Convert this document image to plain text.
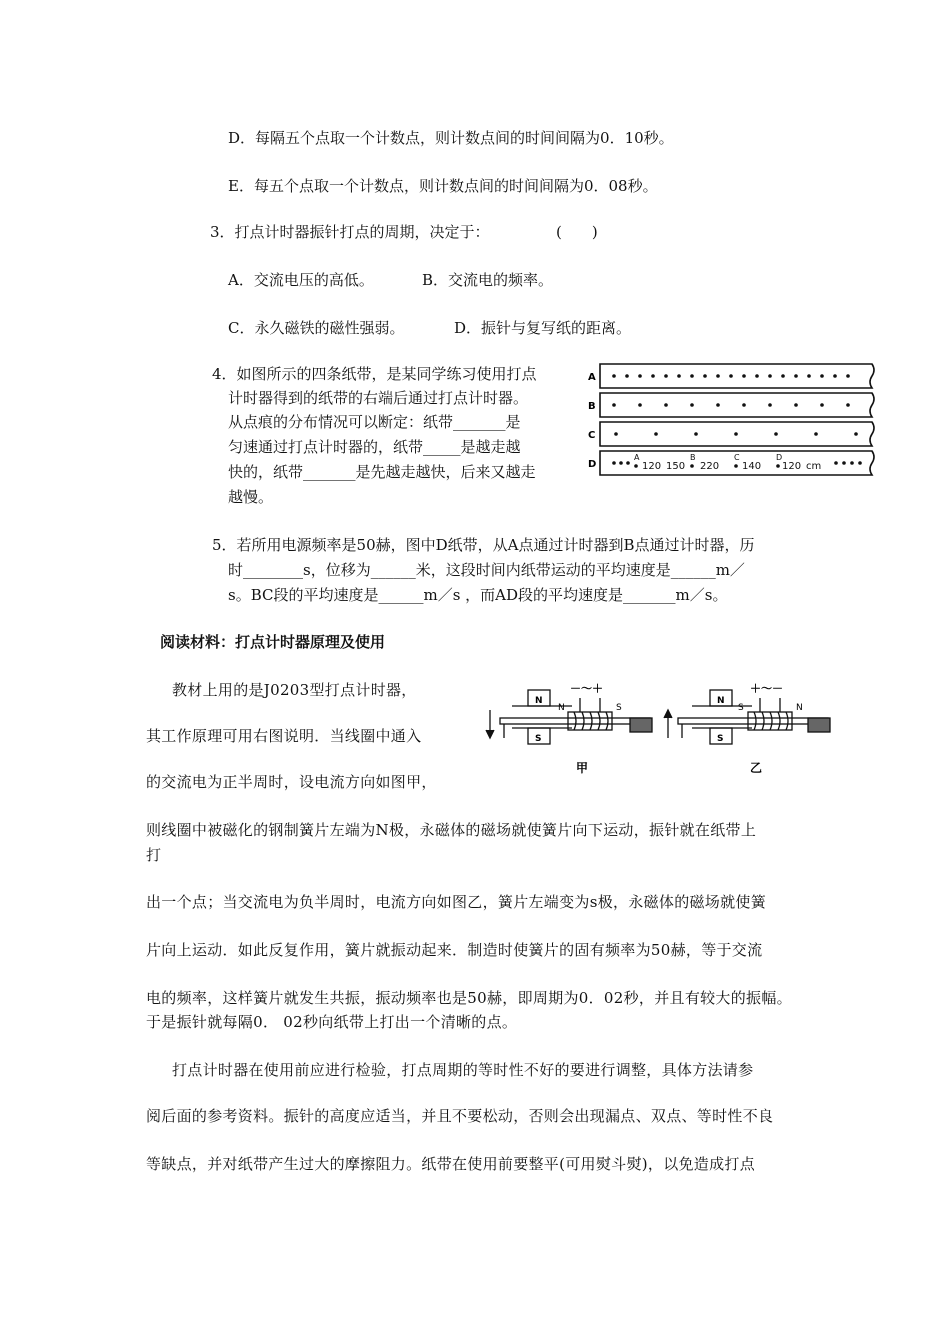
D．每隔五个点取一个计数点，则计数点间的时间间隔为0．10秒。
E．每五个点取一个计数点，则计数点间的时间间隔为0．08秒。
3．打点计时器振针打点的周期，决定于：	(　　)
A．交流电压的高低。	B．交流电的频率。
C．永久磁铁的磁性强弱。	D．振针与复写纸的距离。
4．如图所示的四条纸带，是某同学练习使用打点
计时器得到的纸带的右端后通过打点计时器。
从点痕的分布情况可以断定：纸带_______是
匀速通过打点计时器的，纸带_____是越走越
快的，纸带_______是先越走越快，后来又越走
越慢。
A
B
C
D
A	B	C	D
120 150 220 140 120 cm
5．若所用电源频率是50赫，图中D纸带，从A点通过计时器到B点通过计时器，历
时________s，位移为______米，这段时间内纸带运动的平均速度是______m／
s。BC段的平均速度是______m／s ，而AD段的平均速度是_______m／s。
阅读材料：打点计时器原理及使用
教材上用的是J0203型打点计时器，
其工作原理可用右图说明．当线圈中通入
的交流电为正半周时，设电流方向如图甲，
则线圈中被磁化的钢制簧片左端为N极，永磁体的磁场就使簧片向下运动，振针就在纸带上
打
出一个点；当交流电为负半周时，电流方向如图乙，簧片左端变为s极，永磁体的磁场就使簧
片向上运动．如此反复作用，簧片就振动起来．制造时使簧片的固有频率为50赫，等于交流
电的频率，这样簧片就发生共振，振动频率也是50赫，即周期为0．02秒，并且有较大的振幅。
于是振针就每隔0． 02秒向纸带上打出一个清晰的点。
打点计时器在使用前应进行检验，打点周期的等时性不好的要进行调整，具体方法请参
阅后面的参考资料。振针的高度应适当，并且不要松动，否则会出现漏点、双点、等时性不良
等缺点，并对纸带产生过大的摩擦阻力。纸带在使用前要整平(可用熨斗熨)，以免造成打点
N
S
N	S
－～＋
甲
N
S
S	N
＋～－
乙
